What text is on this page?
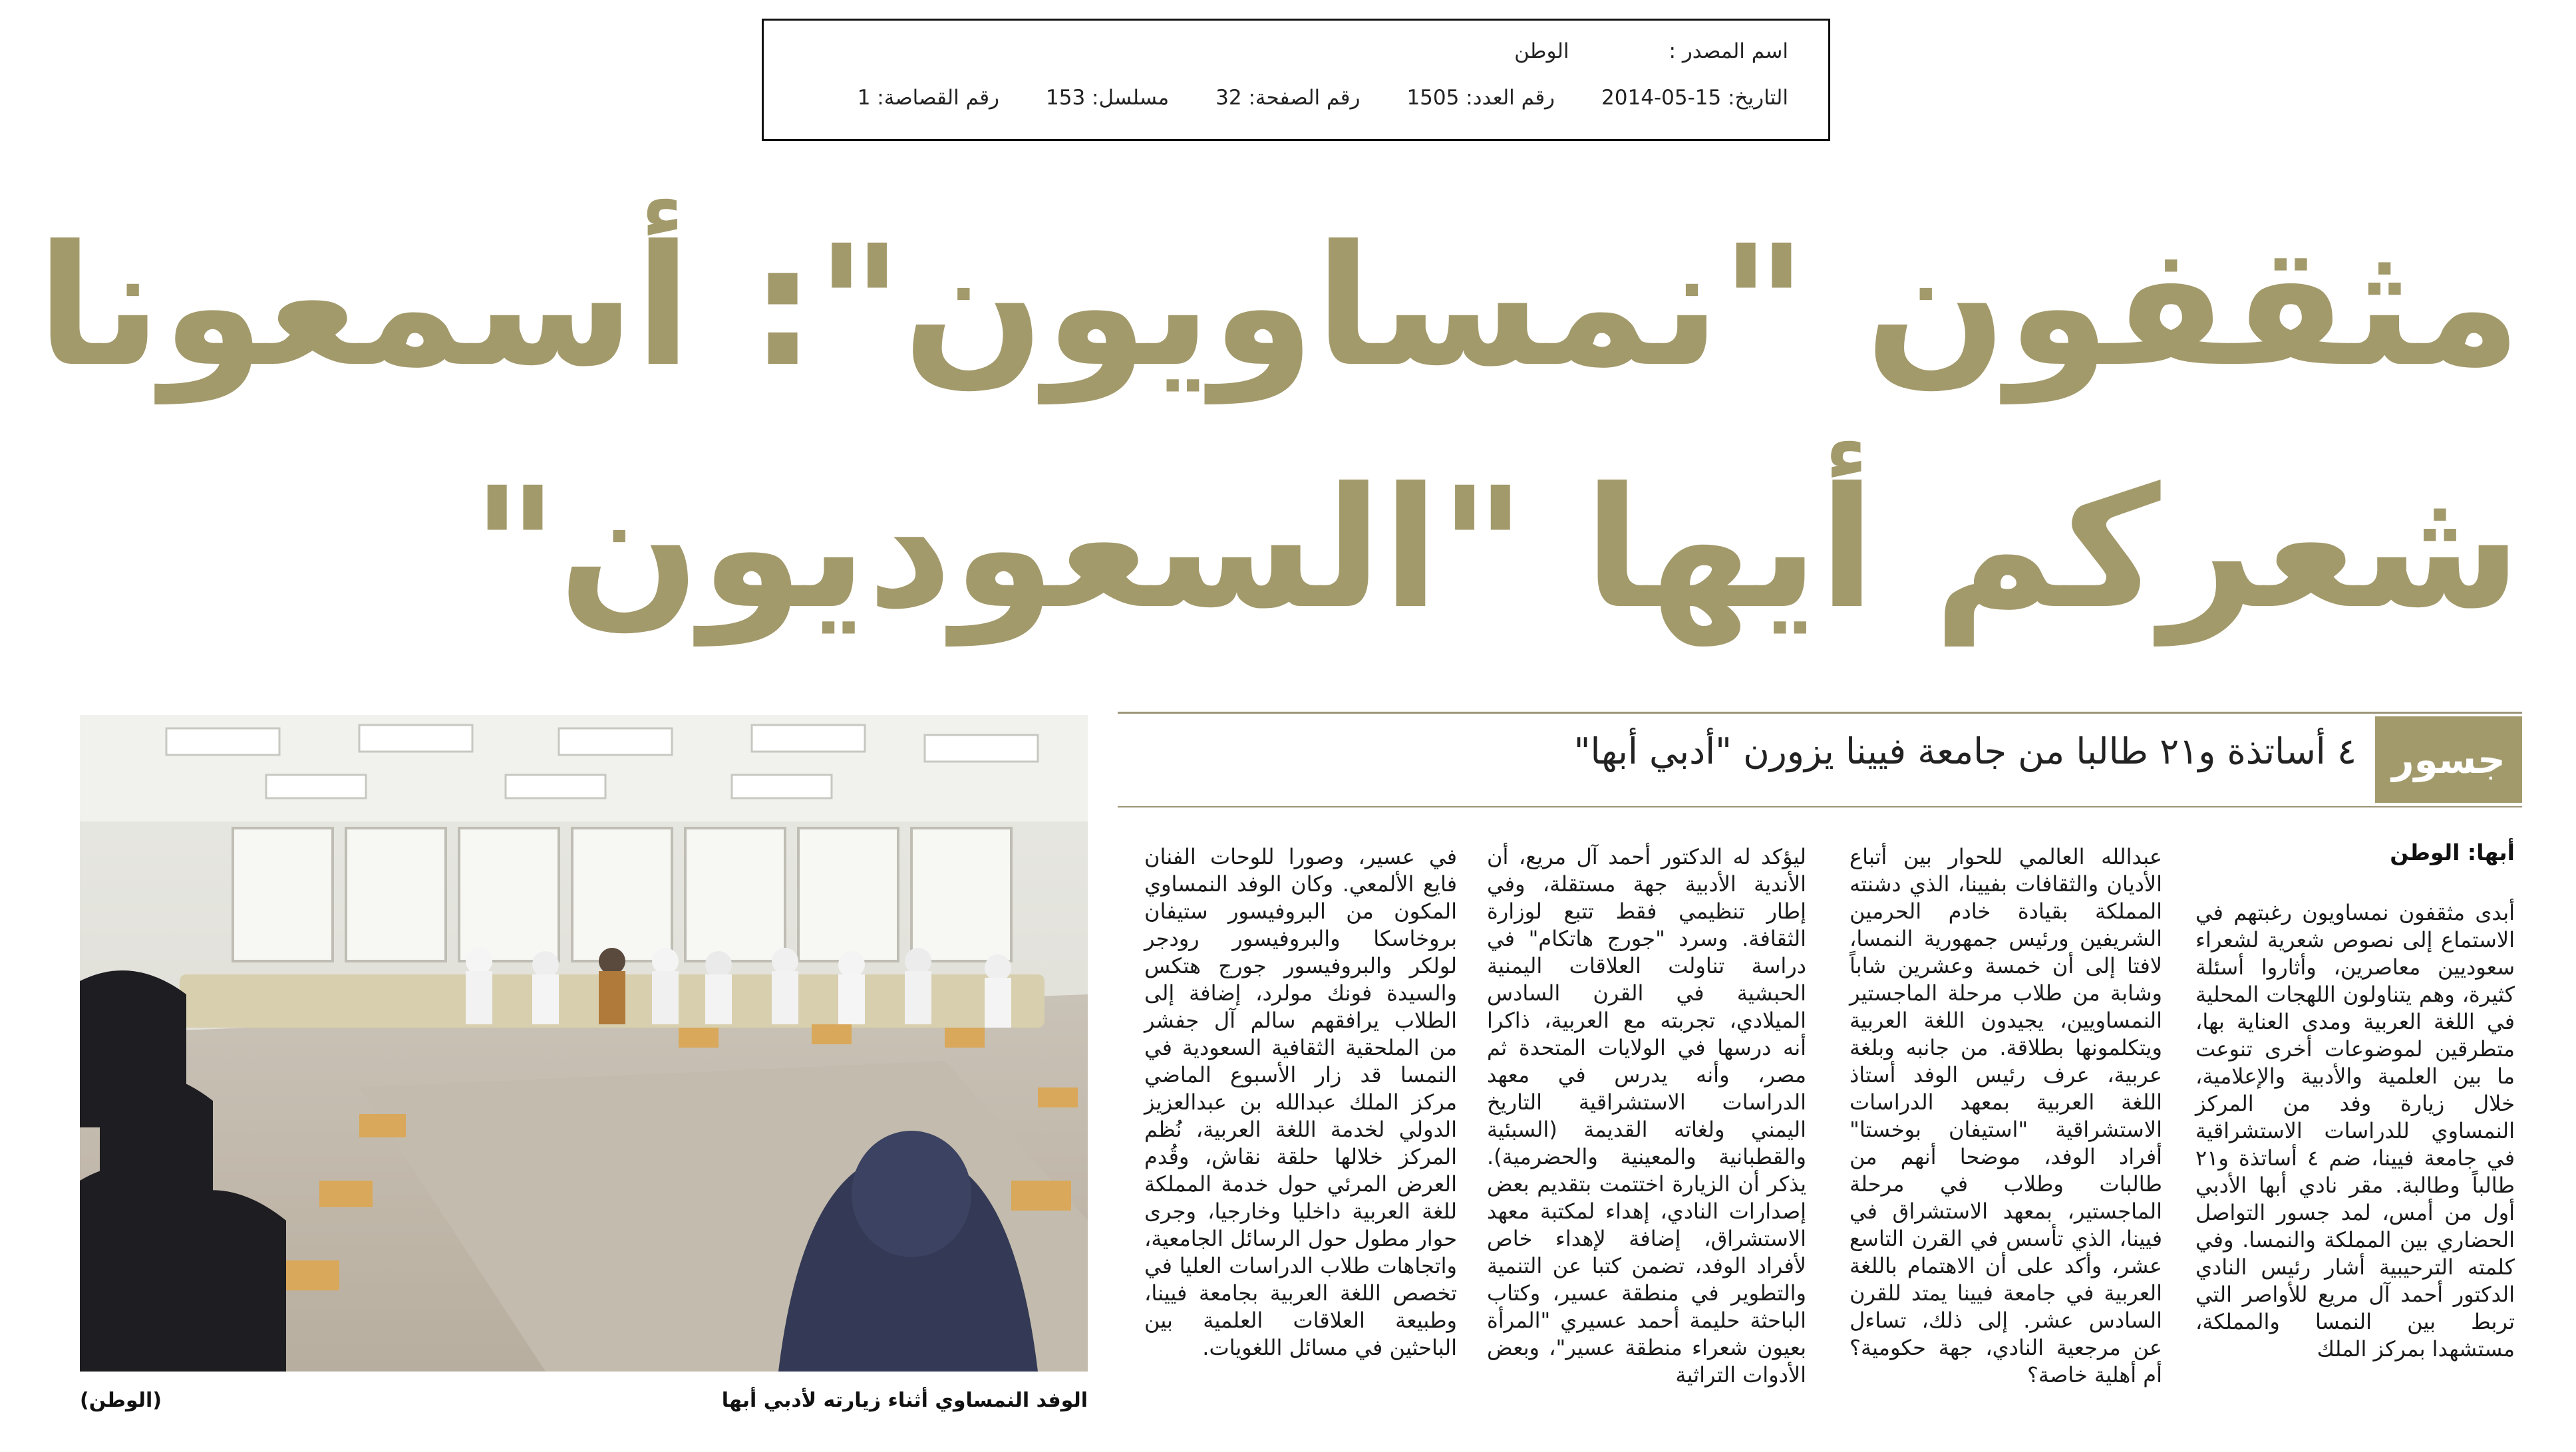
اسم المصدر :
الوطن
التاريخ: 15-05-2014
رقم العدد: 1505
رقم الصفحة: 32
مسلسل: 153
رقم القصاصة: 1
مثقفون "نمساويون": أسمعونا
شعركم أيها "السعوديون"
الوفد النمساوي أثناء زيارته لأدبي أبها
(الوطن)
جسور
٤ أساتذة و٢١ طالبا من جامعة فيينا يزورن "أدبي أبها"
أبها: الوطن

أبدى مثقفون نمساويون رغبتهم في الاستماع إلى نصوص شعرية لشعراء سعوديين معاصرين، وأثاروا أسئلة كثيرة، وهم يتناولون اللهجات المحلية في اللغة العربية ومدى العناية بها، متطرقين لموضوعات أخرى تنوعت ما بين العلمية والأدبية والإعلامية، خلال زيارة وفد من المركز النمساوي للدراسات الاستشراقية في جامعة فيينا، ضم ٤ أساتذة و٢١ طالباً وطالبة. مقر نادي أبها الأدبي أول من أمس، لمد جسور التواصل الحضاري بين المملكة والنمسا. وفي كلمته الترحيبية أشار رئيس النادي الدكتور أحمد آل مريع للأواصر التي تربط بين النمسا والمملكة، مستشهدا بمركز الملك

عبدالله العالمي للحوار بين أتباع الأديان والثقافات بفيينا، الذي دشنته المملكة بقيادة خادم الحرمين الشريفين ورئيس جمهورية النمسا، لافتا إلى أن خمسة وعشرين شاباً وشابة من طلاب مرحلة الماجستير النمساويين، يجيدون اللغة العربية ويتكلمونها بطلاقة. من جانبه وبلغة عربية، عرف رئيس الوفد أستاذ اللغة العربية بمعهد الدراسات الاستشراقية "استيفان بوخستا" أفراد الوفد، موضحا أنهم من طالبات وطلاب في مرحلة الماجستير، بمعهد الاستشراق في فيينا، الذي تأسس في القرن التاسع عشر، وأكد على أن الاهتمام باللغة العربية في جامعة فيينا يمتد للقرن السادس عشر. إلى ذلك، تساءل عن مرجعية النادي، جهة حكومية؟ أم أهلية خاصة؟

ليؤكد له الدكتور أحمد آل مريع، أن الأندية الأدبية جهة مستقلة، وفي إطار تنظيمي فقط تتبع لوزارة الثقافة. وسرد "جورج هاتكام" في دراسة تناولت العلاقات اليمنية الحبشية في القرن السادس الميلادي، تجربته مع العربية، ذاكرا أنه درسها في الولايات المتحدة ثم مصر، وأنه يدرس في معهد الدراسات الاستشراقية التاريخ اليمني ولغاته القديمة (السبئية والقطبانية والمعينية والحضرمية). يذكر أن الزيارة اختتمت بتقديم بعض إصدارات النادي، إهداء لمكتبة معهد الاستشراق، إضافة لإهداء خاص لأفراد الوفد، تضمن كتبا عن التنمية والتطوير في منطقة عسير، وكتاب الباحثة حليمة أحمد عسيري "المرأة بعيون شعراء منطقة عسير"، وبعض الأدوات التراثية

في عسير، وصورا للوحات الفنان فايع الألمعي. وكان الوفد النمساوي المكون من البروفيسور ستيفان بروخاسكا والبروفيسور رودجر لولكر والبروفيسور جورج هتكس والسيدة فونك مولرد، إضافة إلى الطلاب يرافقهم سالم آل جفشر من الملحقية الثقافية السعودية في النمسا قد زار الأسبوع الماضي مركز الملك عبدالله بن عبدالعزيز الدولي لخدمة اللغة العربية، نُظم المركز خلالها حلقة نقاش، وقُدم العرض المرئي حول خدمة المملكة للغة العربية داخليا وخارجيا، وجرى حوار مطول حول الرسائل الجامعية، واتجاهات طلاب الدراسات العليا في تخصص اللغة العربية بجامعة فيينا، وطبيعة العلاقات العلمية بين الباحثين في مسائل اللغويات.
